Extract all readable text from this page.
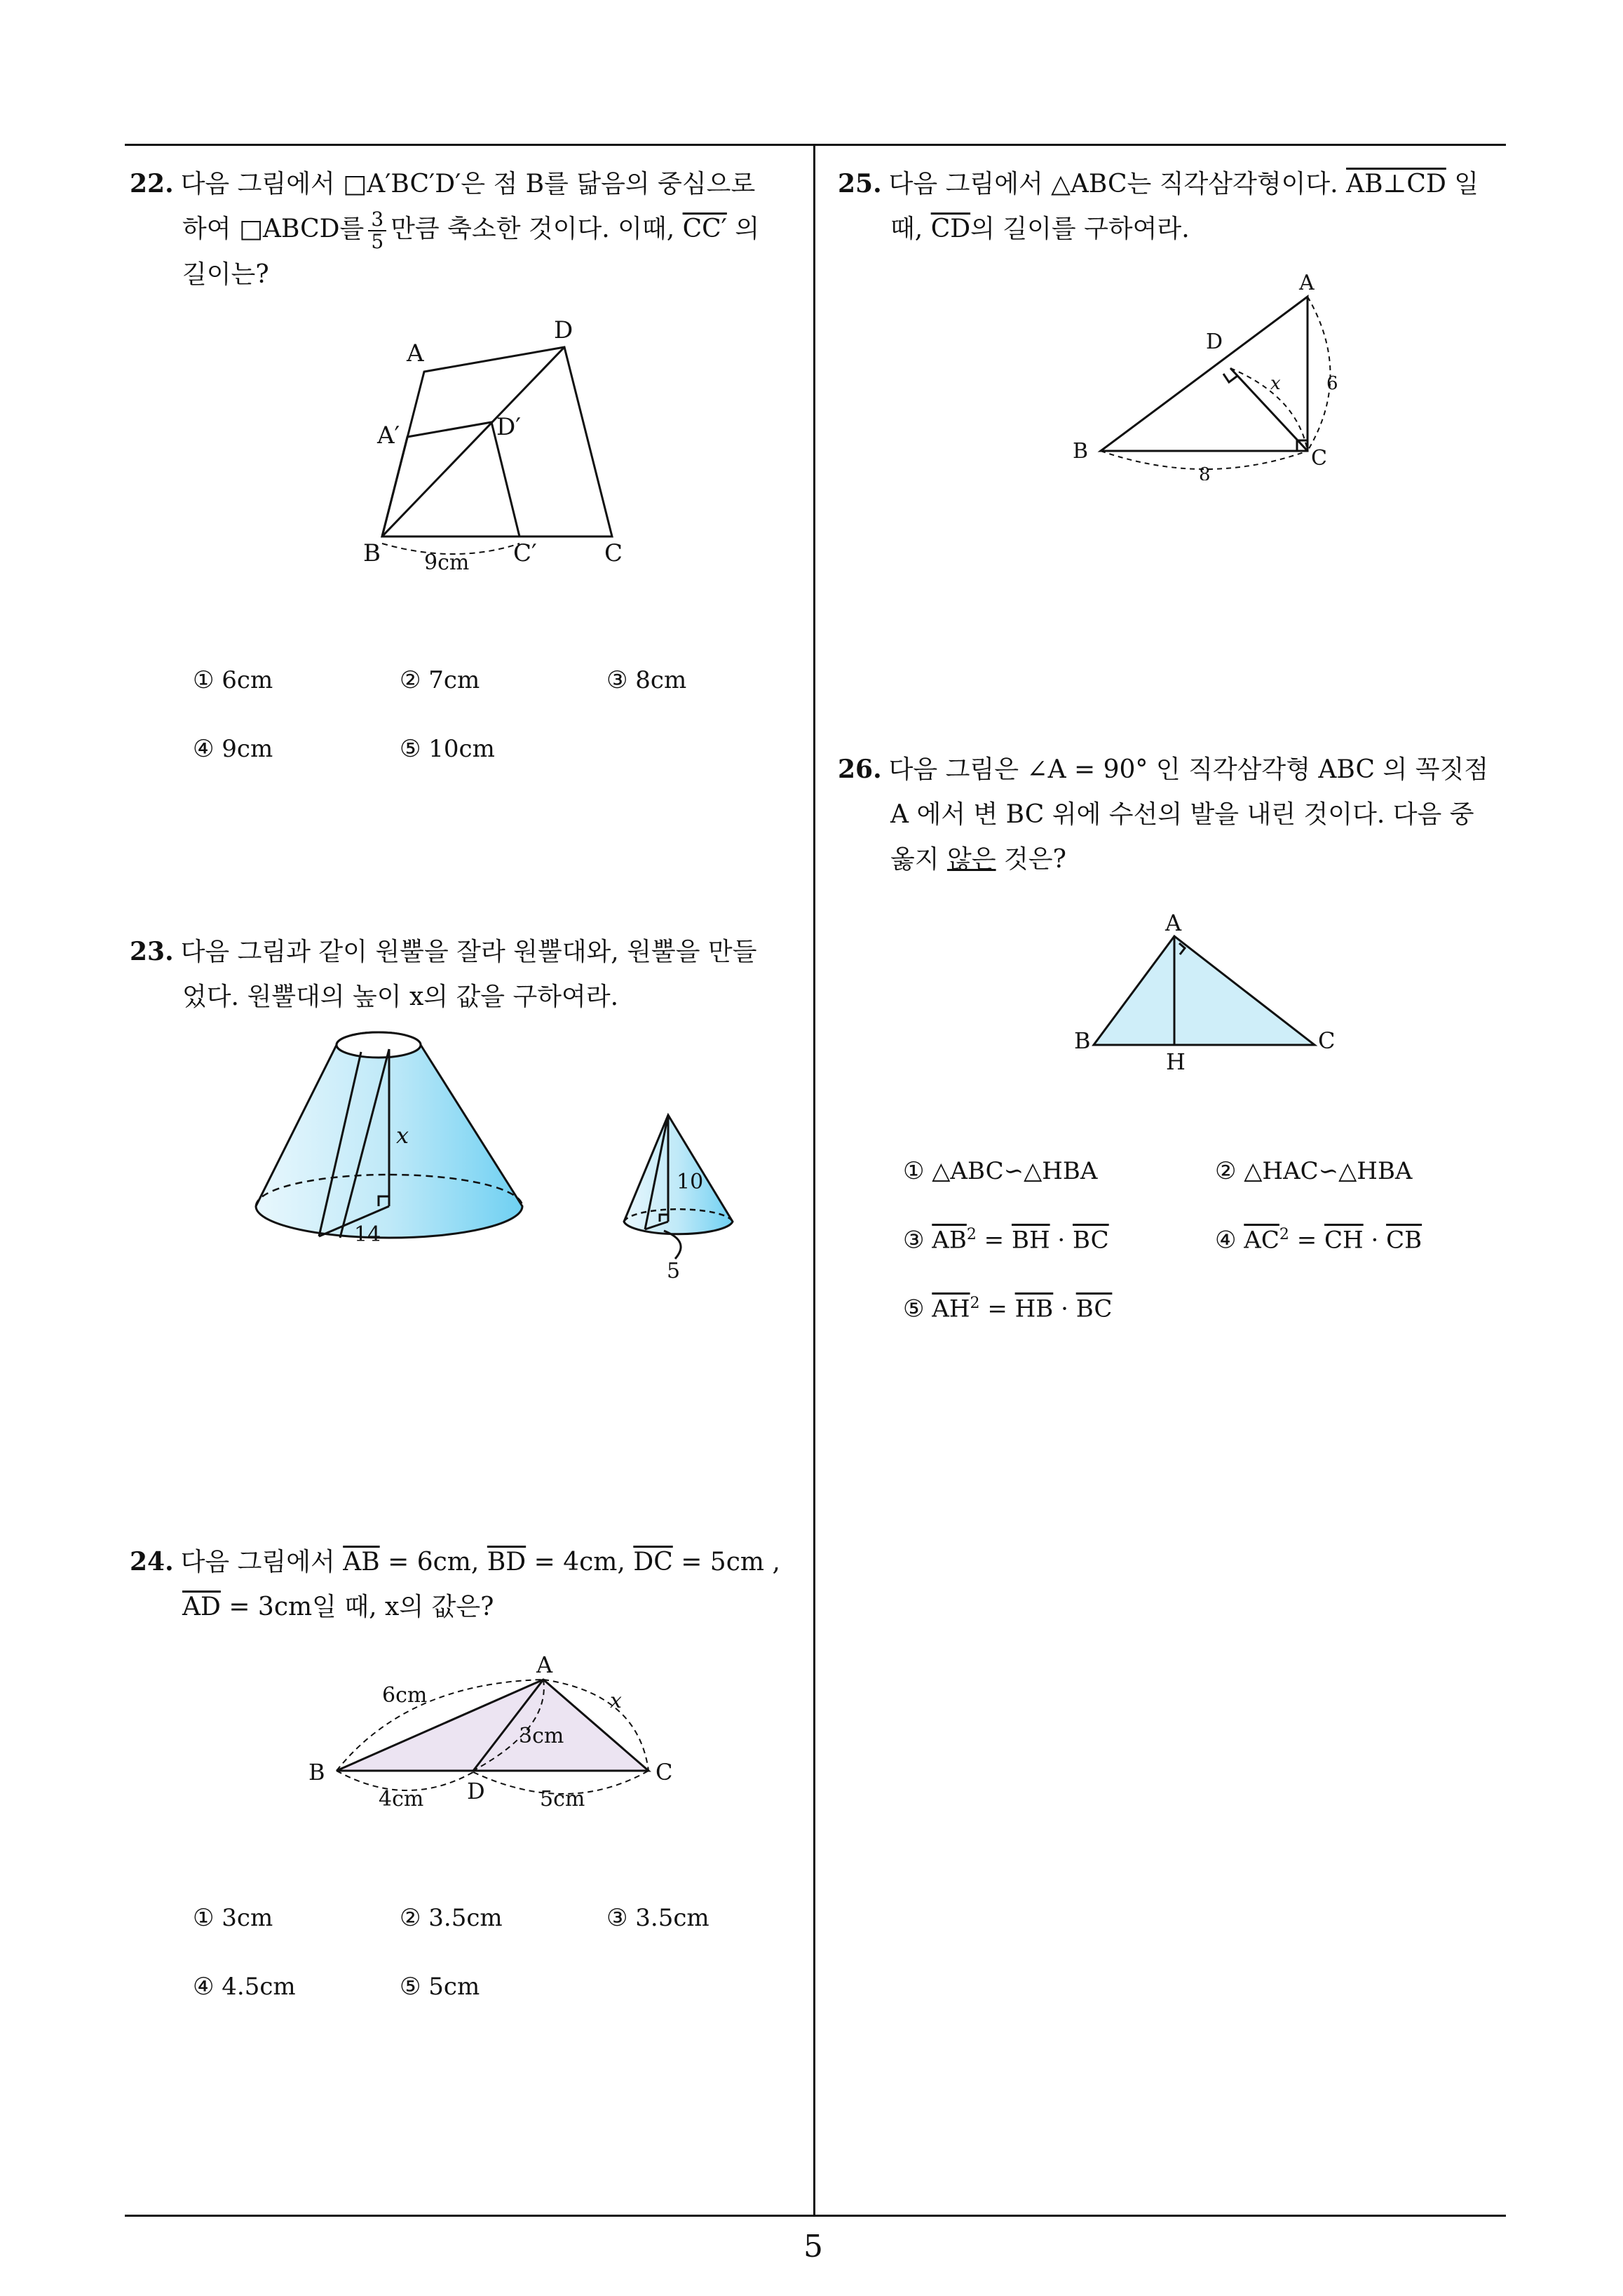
5
22. 다음 그림에서 □A′BC′D′은 점 B를 닮음의 중심으로
하여 □ABCD를 $\frac{3}{5}$ 만큼 축소한 것이다. 이때, CC′ 의
길이는?
A
D
A′	D′
B	C′	C
9cm
① 6cm	② 7cm	③ 8cm
④ 9cm	⑤ 10cm
23. 다음 그림과 같이 원뿔을 잘라 원뿔대와, 원뿔을 만들
었다. 원뿔대의 높이 x의 값을 구하여라.
x
14
10
5
24. 다음 그림에서 $\overline{AB} = 6cm$, $\overline{BD} = 4cm$, $\overline{DC} = 5cm$ ,
$\overline{AD} = 3cm$일 때, x의 값은?
A
B	C
D
6cm
3cm
4cm	5cm
x
① 3cm	② 3.5cm	③ 3.5cm
④ 4.5cm	⑤ 5cm
25. 다음 그림에서 △ABC는 직각삼각형이다. AB⊥CD 일
때, $\overline{CD}$의 길이를 구하여라.
A
D
B	C
x	6
8
26. 다음 그림은 ∠A = 90° 인 직각삼각형 ABC 의 꼭짓점
A 에서 변 BC 위에 수선의 발을 내린 것이다. 다음 중
옳지 않은 것은?
A
B	C
H
① △ABC∽△HBA	② △HAC∽△HBA
③ $\overline{AB}^2 = \overline{BH} \cdot \overline{BC}$	④ $\overline{AC}^2 = \overline{CH} \cdot \overline{CB}$
⑤ $\overline{AH}^2 = \overline{HB} \cdot \overline{BC}$
